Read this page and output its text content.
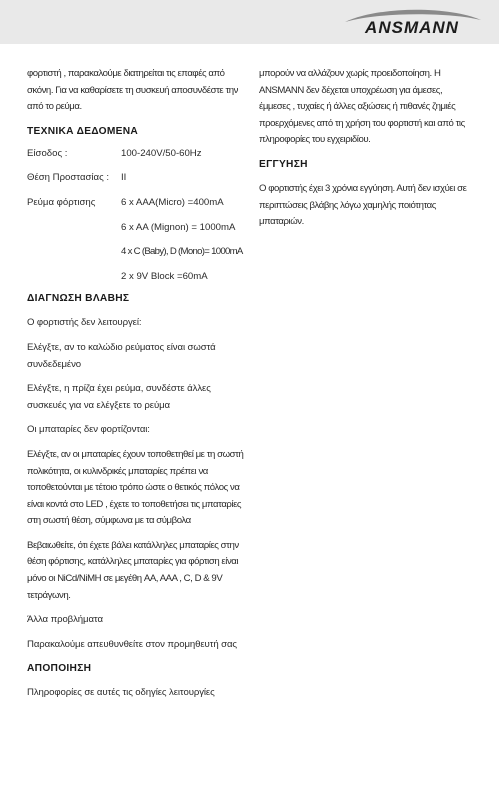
ANSMANN

φορτιστή , παρακαλούμε διατηρείται τις επαφές από σκόνη. Για να καθαρίσετε τη συσκευή αποσυνδέστε την από το ρεύμα.

ΤΕΧΝΙΚΑ ΔΕΔΟΜΕΝΑ
Είσοδος :	100-240V/50-60Hz
Θέση Προστασίας :	II
Ρεύμα φόρτισης	6 x AAA(Micro) =400mA
6 x AA (Mignon) = 1000mA
4 x C (Baby), D (Mono)= 1000mA
2 x 9V Block =60mA
ΔΙΑΓΝΩΣΗ ΒΛΑΒΗΣ

Ο φορτιστής δεν λειτουργεί:

Ελέγξτε, αν το καλώδιο ρεύματος είναι σωστά συνδεδεμένο

Ελέγξτε, η πρίζα έχει ρεύμα, συνδέστε άλλες συσκευές για να ελέγξετε το ρεύμα

Οι μπαταρίες δεν φορτίζονται:

Ελέγξτε, αν οι μπαταρίες έχουν τοποθετηθεί με τη σωστή πολικότητα, οι κυλινδρικές μπαταρίες πρέπει να τοποθετούνται με τέτοιο τρόπο ώστε ο θετικός πόλος να είναι κοντά στο LED , έχετε το τοποθετήσει τις μπαταρίες στη σωστή θέση, σύμφωνα με τα σύμβολα

Βεβαιωθείτε, ότι έχετε βάλει κατάλληλες μπαταρίες στην θέση φόρτισης, κατάλληλες μπαταρίες για φόρτιση είναι μόνο οι NiCd/NiMH σε μεγέθη AA, AAA , C, D & 9V τετράγωνη.

Άλλα προβλήματα

Παρακαλούμε απευθυνθείτε στον προμηθευτή σας

ΑΠΟΠΟΙΗΣΗ

Πληροφορίες σε αυτές τις οδηγίες λειτουργίες

μπορούν να αλλάζουν χωρίς προειδοποίηση. Η ANSMANN δεν δέχεται υποχρέωση για άμεσες, έμμεσες , τυχαίες ή άλλες αξιώσεις ή πιθανές ζημιές προερχόμενες από τη χρήση του φορτιστή και από τις πληροφορίες του εγχειριδίου.

ΕΓΓΥΗΣΗ

Ο φορτιστής έχει 3 χρόνια εγγύηση. Αυτή δεν ισχύει σε περιπτώσεις βλάβης λόγω χαμηλής ποιότητας μπαταριών.
